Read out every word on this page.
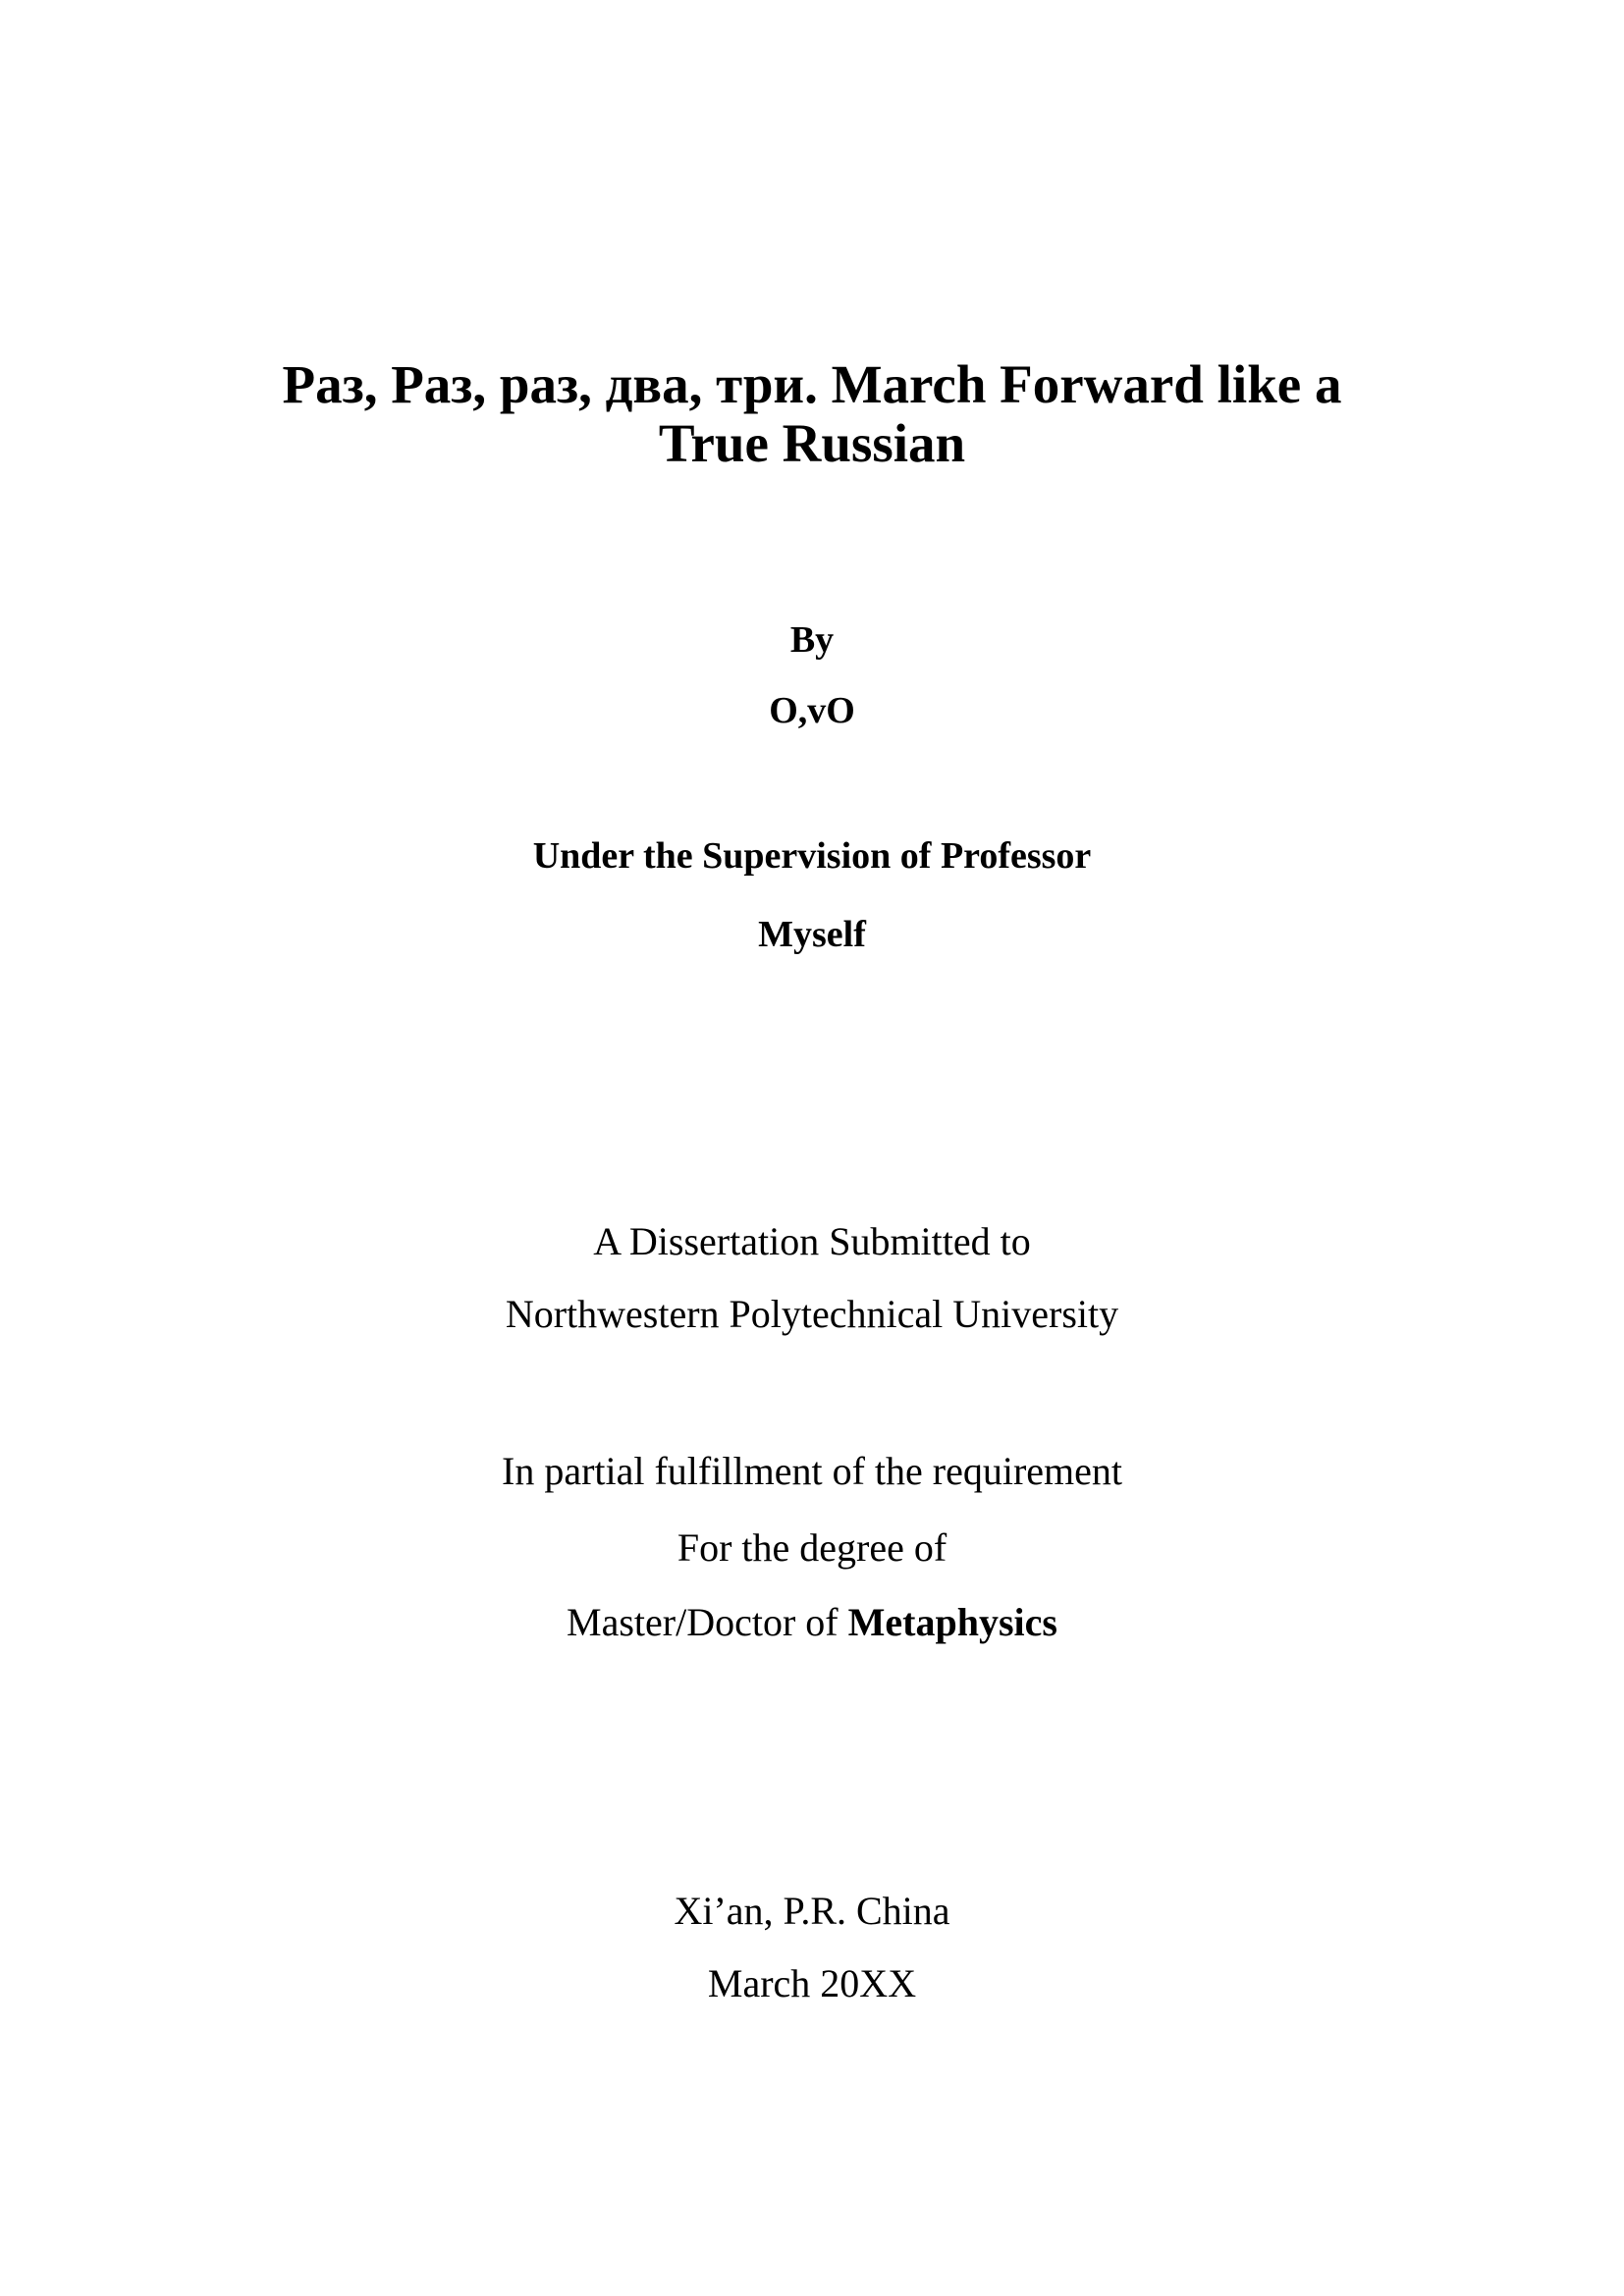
Раз, Раз, раз, два, три. March Forward like a
True Russian
By
O,vO
Under the Supervision of Professor
Myself
A Dissertation Submitted to
Northwestern Polytechnical University
In partial fulfillment of the requirement
For the degree of
Master/Doctor of Metaphysics
Xi’an, P.R. China
March 20XX
